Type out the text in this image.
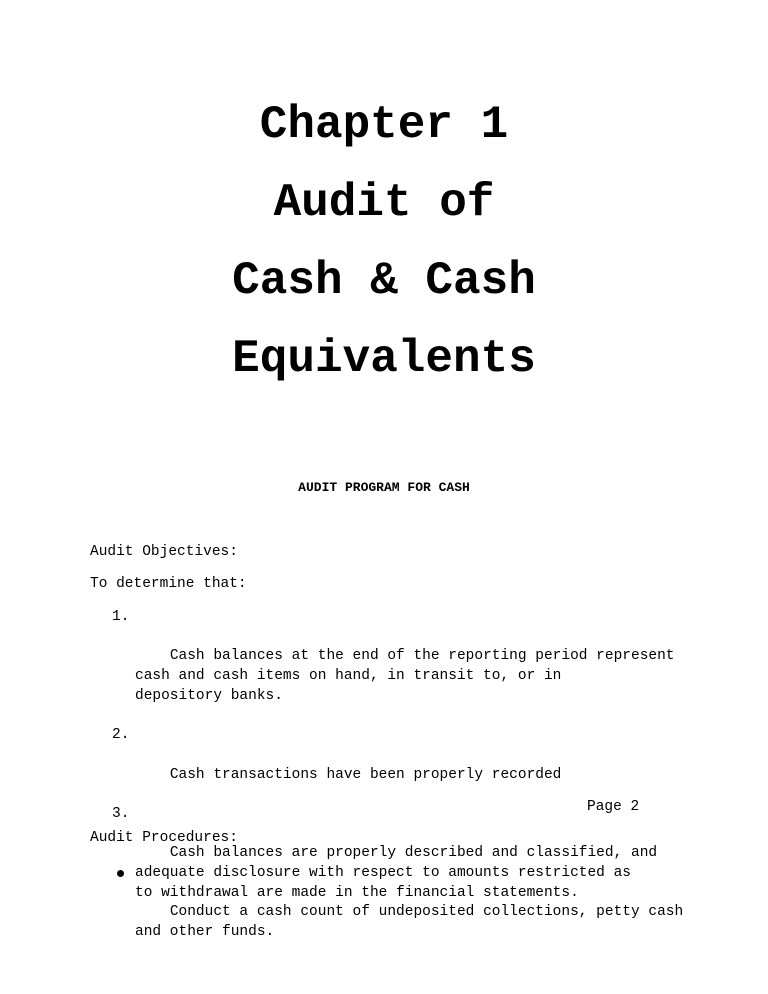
Chapter 1
Audit of
Cash & Cash
Equivalents
AUDIT PROGRAM FOR CASH
Audit Objectives:
To determine that:

1.

Cash balances at the end of the reporting period represent
cash and cash items on hand, in transit to, or in
depository banks.

2.

Cash transactions have been properly recorded

3.

Cash balances are properly described and classified, and
adequate disclosure with respect to amounts restricted as
to withdrawal are made in the financial statements.

Page 2
Audit Procedures:

Conduct a cash count of undeposited collections, petty cash
and other funds.
